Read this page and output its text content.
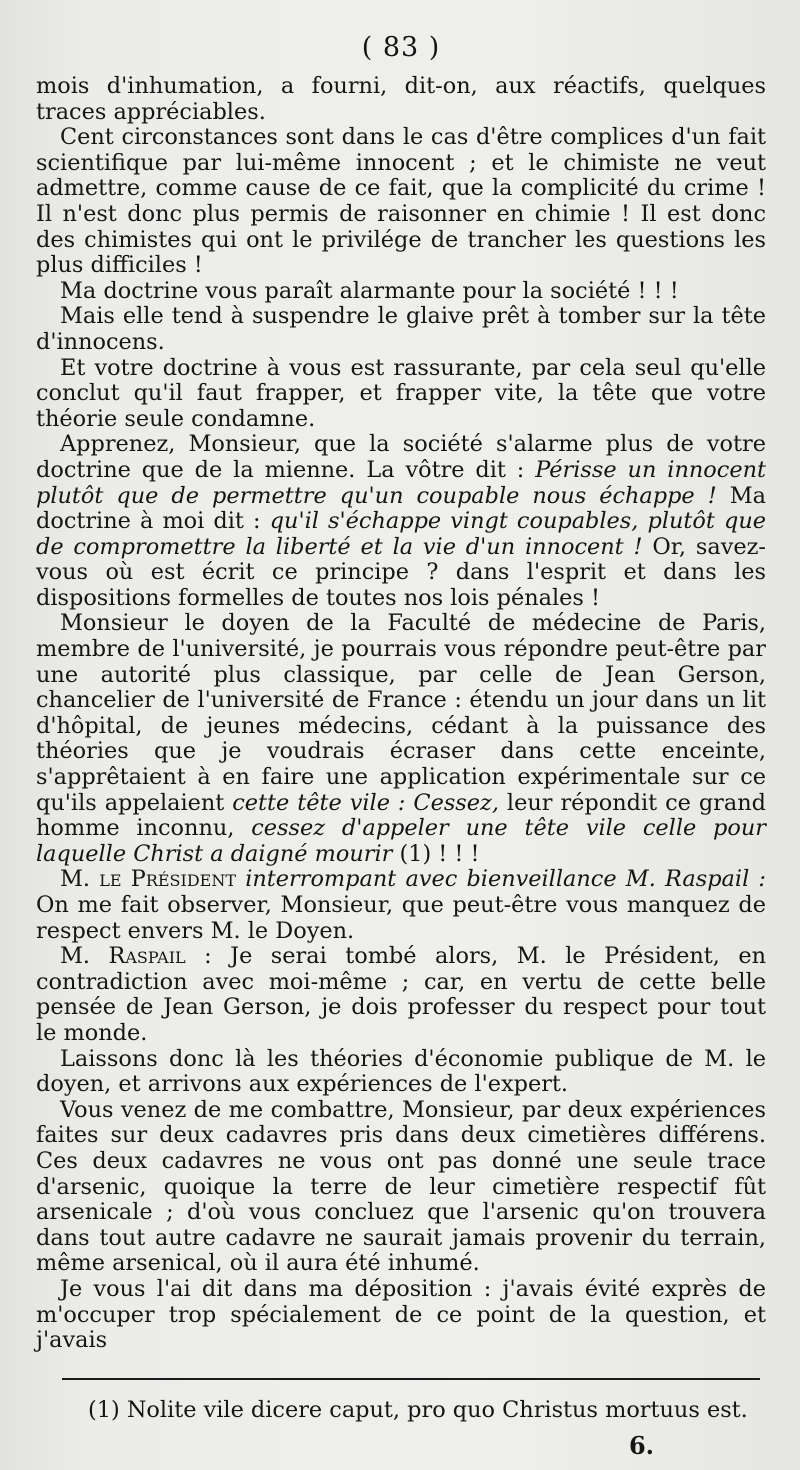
( 83 )

mois d'inhumation, a fourni, dit-on, aux réactifs, quelques traces appréciables.

Cent circonstances sont dans le cas d'être complices d'un fait scientifique par lui-même innocent ; et le chimiste ne veut admettre, comme cause de ce fait, que la complicité du crime ! Il n'est donc plus permis de raisonner en chimie ! Il est donc des chimistes qui ont le privilége de trancher les questions les plus difficiles !

Ma doctrine vous paraît alarmante pour la société ! ! !

Mais elle tend à suspendre le glaive prêt à tomber sur la tête d'innocens.

Et votre doctrine à vous est rassurante, par cela seul qu'elle conclut qu'il faut frapper, et frapper vite, la tête que votre théorie seule condamne.

Apprenez, Monsieur, que la société s'alarme plus de votre doctrine que de la mienne. La vôtre dit : Périsse un innocent plutôt que de permettre qu'un coupable nous échappe ! Ma doctrine à moi dit : qu'il s'échappe vingt coupables, plutôt que de compromettre la liberté et la vie d'un innocent ! Or, savez-vous où est écrit ce principe ? dans l'esprit et dans les dispositions formelles de toutes nos lois pénales !

Monsieur le doyen de la Faculté de médecine de Paris, membre de l'université, je pourrais vous répondre peut-être par une autorité plus classique, par celle de Jean Gerson, chancelier de l'université de France : étendu un jour dans un lit d'hôpital, de jeunes médecins, cédant à la puissance des théories que je voudrais écraser dans cette enceinte, s'apprêtaient à en faire une application expérimentale sur ce qu'ils appelaient cette tête vile : Cessez, leur répondit ce grand homme inconnu, cessez d'appeler une tête vile celle pour laquelle Christ a daigné mourir (1) ! ! !

M. le Président interrompant avec bienveillance M. Raspail : On me fait observer, Monsieur, que peut-être vous manquez de respect envers M. le Doyen.

M. Raspail : Je serai tombé alors, M. le Président, en contradiction avec moi-même ; car, en vertu de cette belle pensée de Jean Gerson, je dois professer du respect pour tout le monde.

Laissons donc là les théories d'économie publique de M. le doyen, et arrivons aux expériences de l'expert.

Vous venez de me combattre, Monsieur, par deux expériences faites sur deux cadavres pris dans deux cimetières différens. Ces deux cadavres ne vous ont pas donné une seule trace d'arsenic, quoique la terre de leur cimetière respectif fût arsenicale ; d'où vous concluez que l'arsenic qu'on trouvera dans tout autre cadavre ne saurait jamais provenir du terrain, même arsenical, où il aura été inhumé.

Je vous l'ai dit dans ma déposition : j'avais évité exprès de m'occuper trop spécialement de ce point de la question, et j'avais

(1) Nolite vile dicere caput, pro quo Christus mortuus est.
6.
